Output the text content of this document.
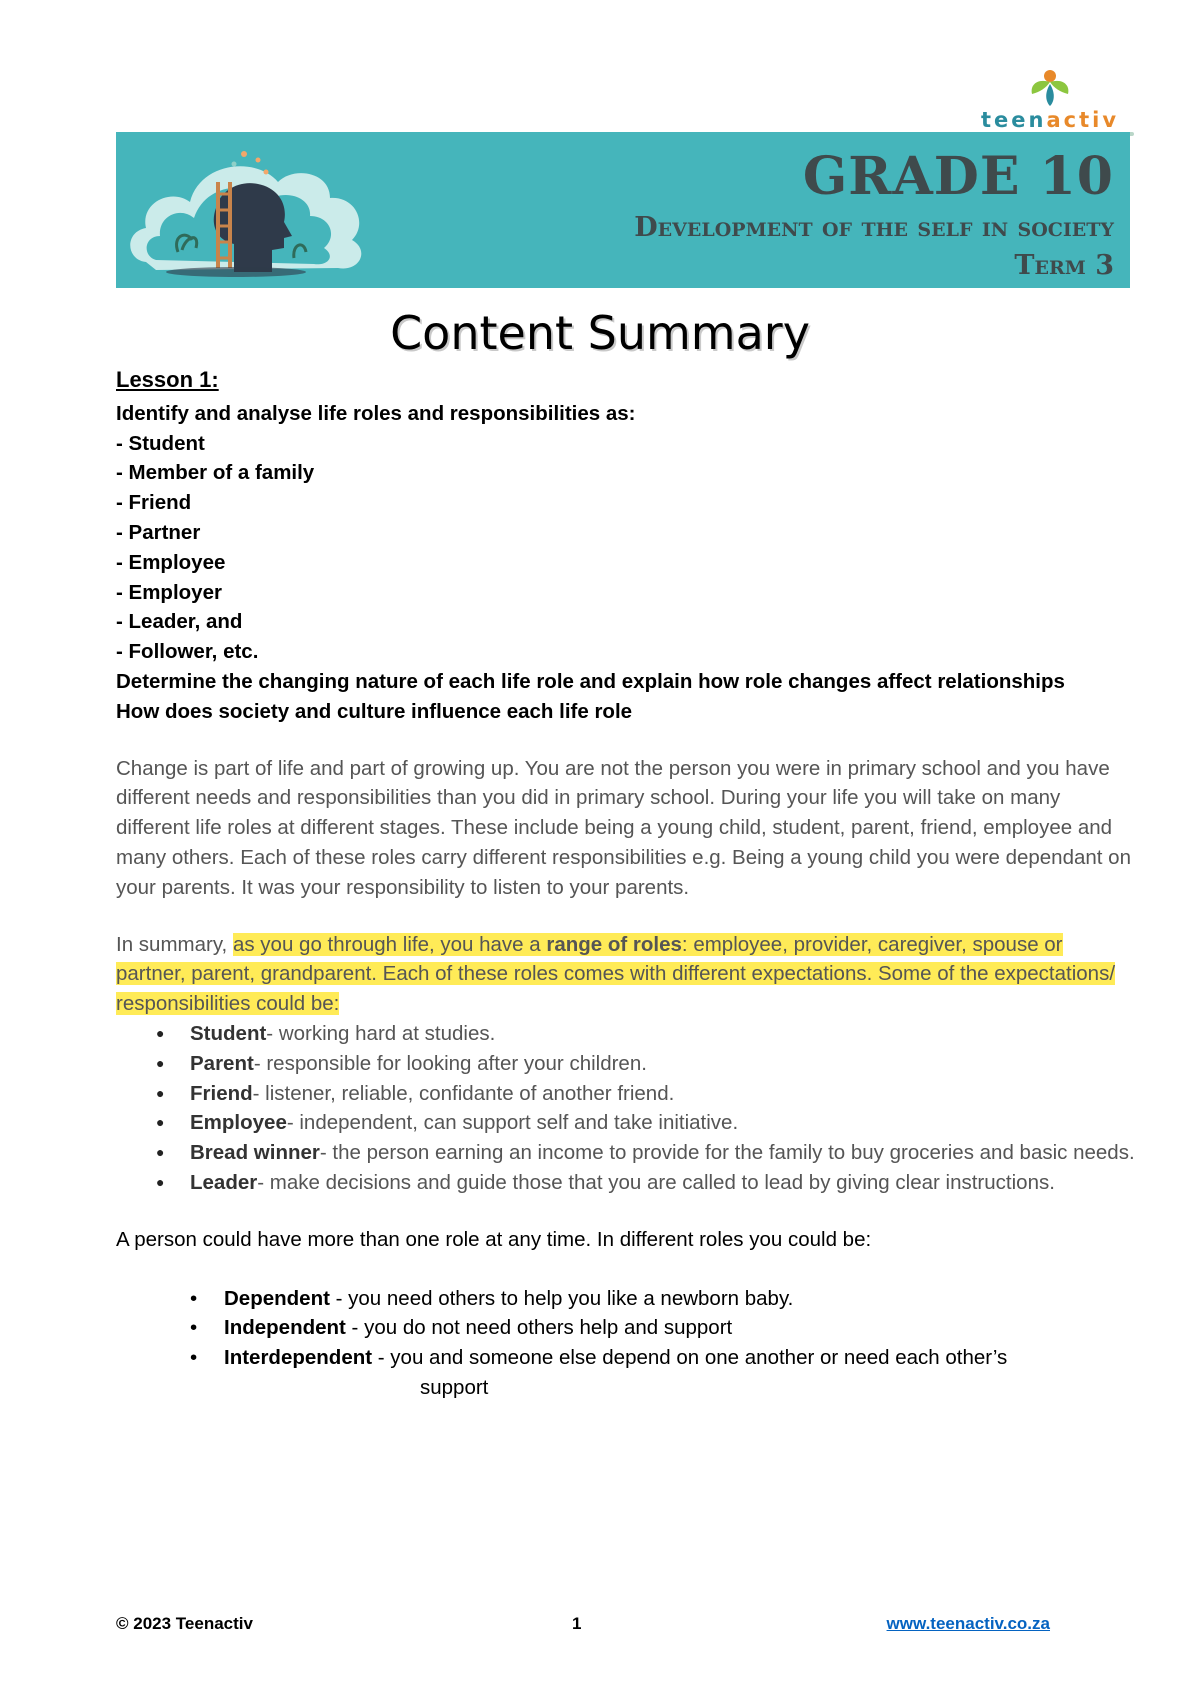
teenactiv
GRADE 10
Development of the self in society
Term 3
Content Summary
Lesson 1:
Identify and analyse life roles and responsibilities as:
- Student
- Member of a family
- Friend
- Partner
- Employee
- Employer
- Leader, and
- Follower, etc.
Determine the changing nature of each life role and explain how role changes affect relationships
How does society and culture influence each life role
Change is part of life and part of growing up. You are not the person you were in primary school and you have different needs and responsibilities than you did in primary school. During your life you will take on many different life roles at different stages. These include being a young child, student, parent, friend, employee and many others. Each of these roles carry different responsibilities e.g. Being a young child you were dependant on your parents. It was your responsibility to listen to your parents.
In summary, as you go through life, you have a range of roles: employee, provider, caregiver, spouse or partner, parent, grandparent. Each of these roles comes with different expectations. Some of the expectations/ responsibilities could be:
● Student- working hard at studies.
● Parent- responsible for looking after your children.
● Friend- listener, reliable, confidante of another friend.
● Employee- independent, can support self and take initiative.
● Bread winner- the person earning an income to provide for the family to buy groceries and basic needs.
● Leader- make decisions and guide those that you are called to lead by giving clear instructions.
A person could have more than one role at any time. In different roles you could be:
• Dependent - you need others to help you like a newborn baby.
• Independent - you do not need others help and support
• Interdependent - you and someone else depend on one another or need each other’s
support
© 2023 Teenactiv	1	www.teenactiv.co.za
